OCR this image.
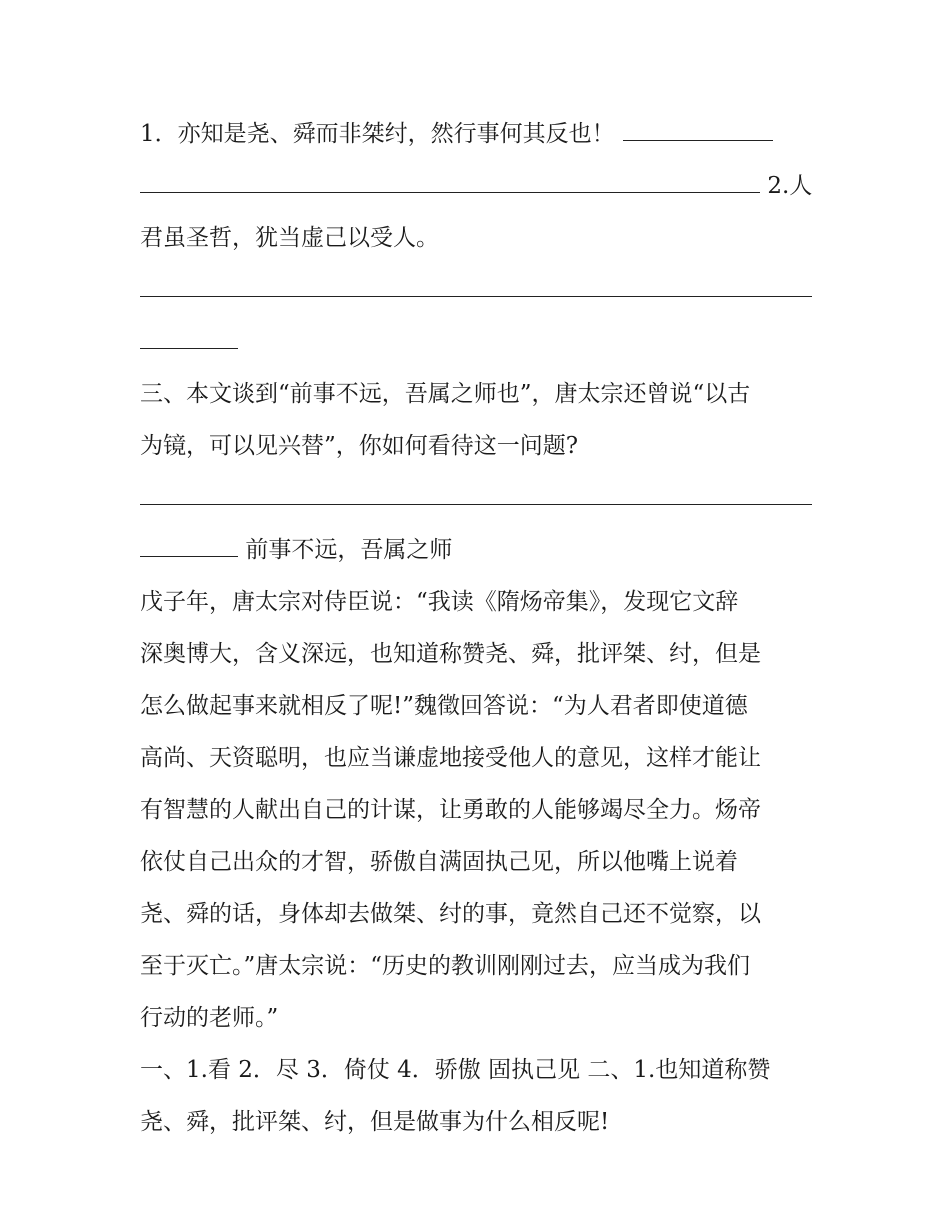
1．亦知是尧、舜而非桀纣，然行事何其反也！
2.人
君虽圣哲，犹当虚己以受人。
三、本文谈到“前事不远，吾属之师也”，唐太宗还曾说“以古
为镜，可以见兴替”，你如何看待这一问题?
前事不远，吾属之师
戊子年，唐太宗对侍臣说：“我读《隋炀帝集》，发现它文辞
深奥博大，含义深远，也知道称赞尧、舜，批评桀、纣，但是
怎么做起事来就相反了呢!”魏徵回答说：“为人君者即使道德
高尚、天资聪明，也应当谦虚地接受他人的意见，这样才能让
有智慧的人献出自己的计谋，让勇敢的人能够竭尽全力。炀帝
依仗自己出众的才智，骄傲自满固执己见，所以他嘴上说着
尧、舜的话，身体却去做桀、纣的事，竟然自己还不觉察，以
至于灭亡。”唐太宗说：“历史的教训刚刚过去，应当成为我们
行动的老师。”
一、1.看 2．尽 3．倚仗 4．骄傲 固执己见 二、1.也知道称赞
尧、舜，批评桀、纣，但是做事为什么相反呢!
